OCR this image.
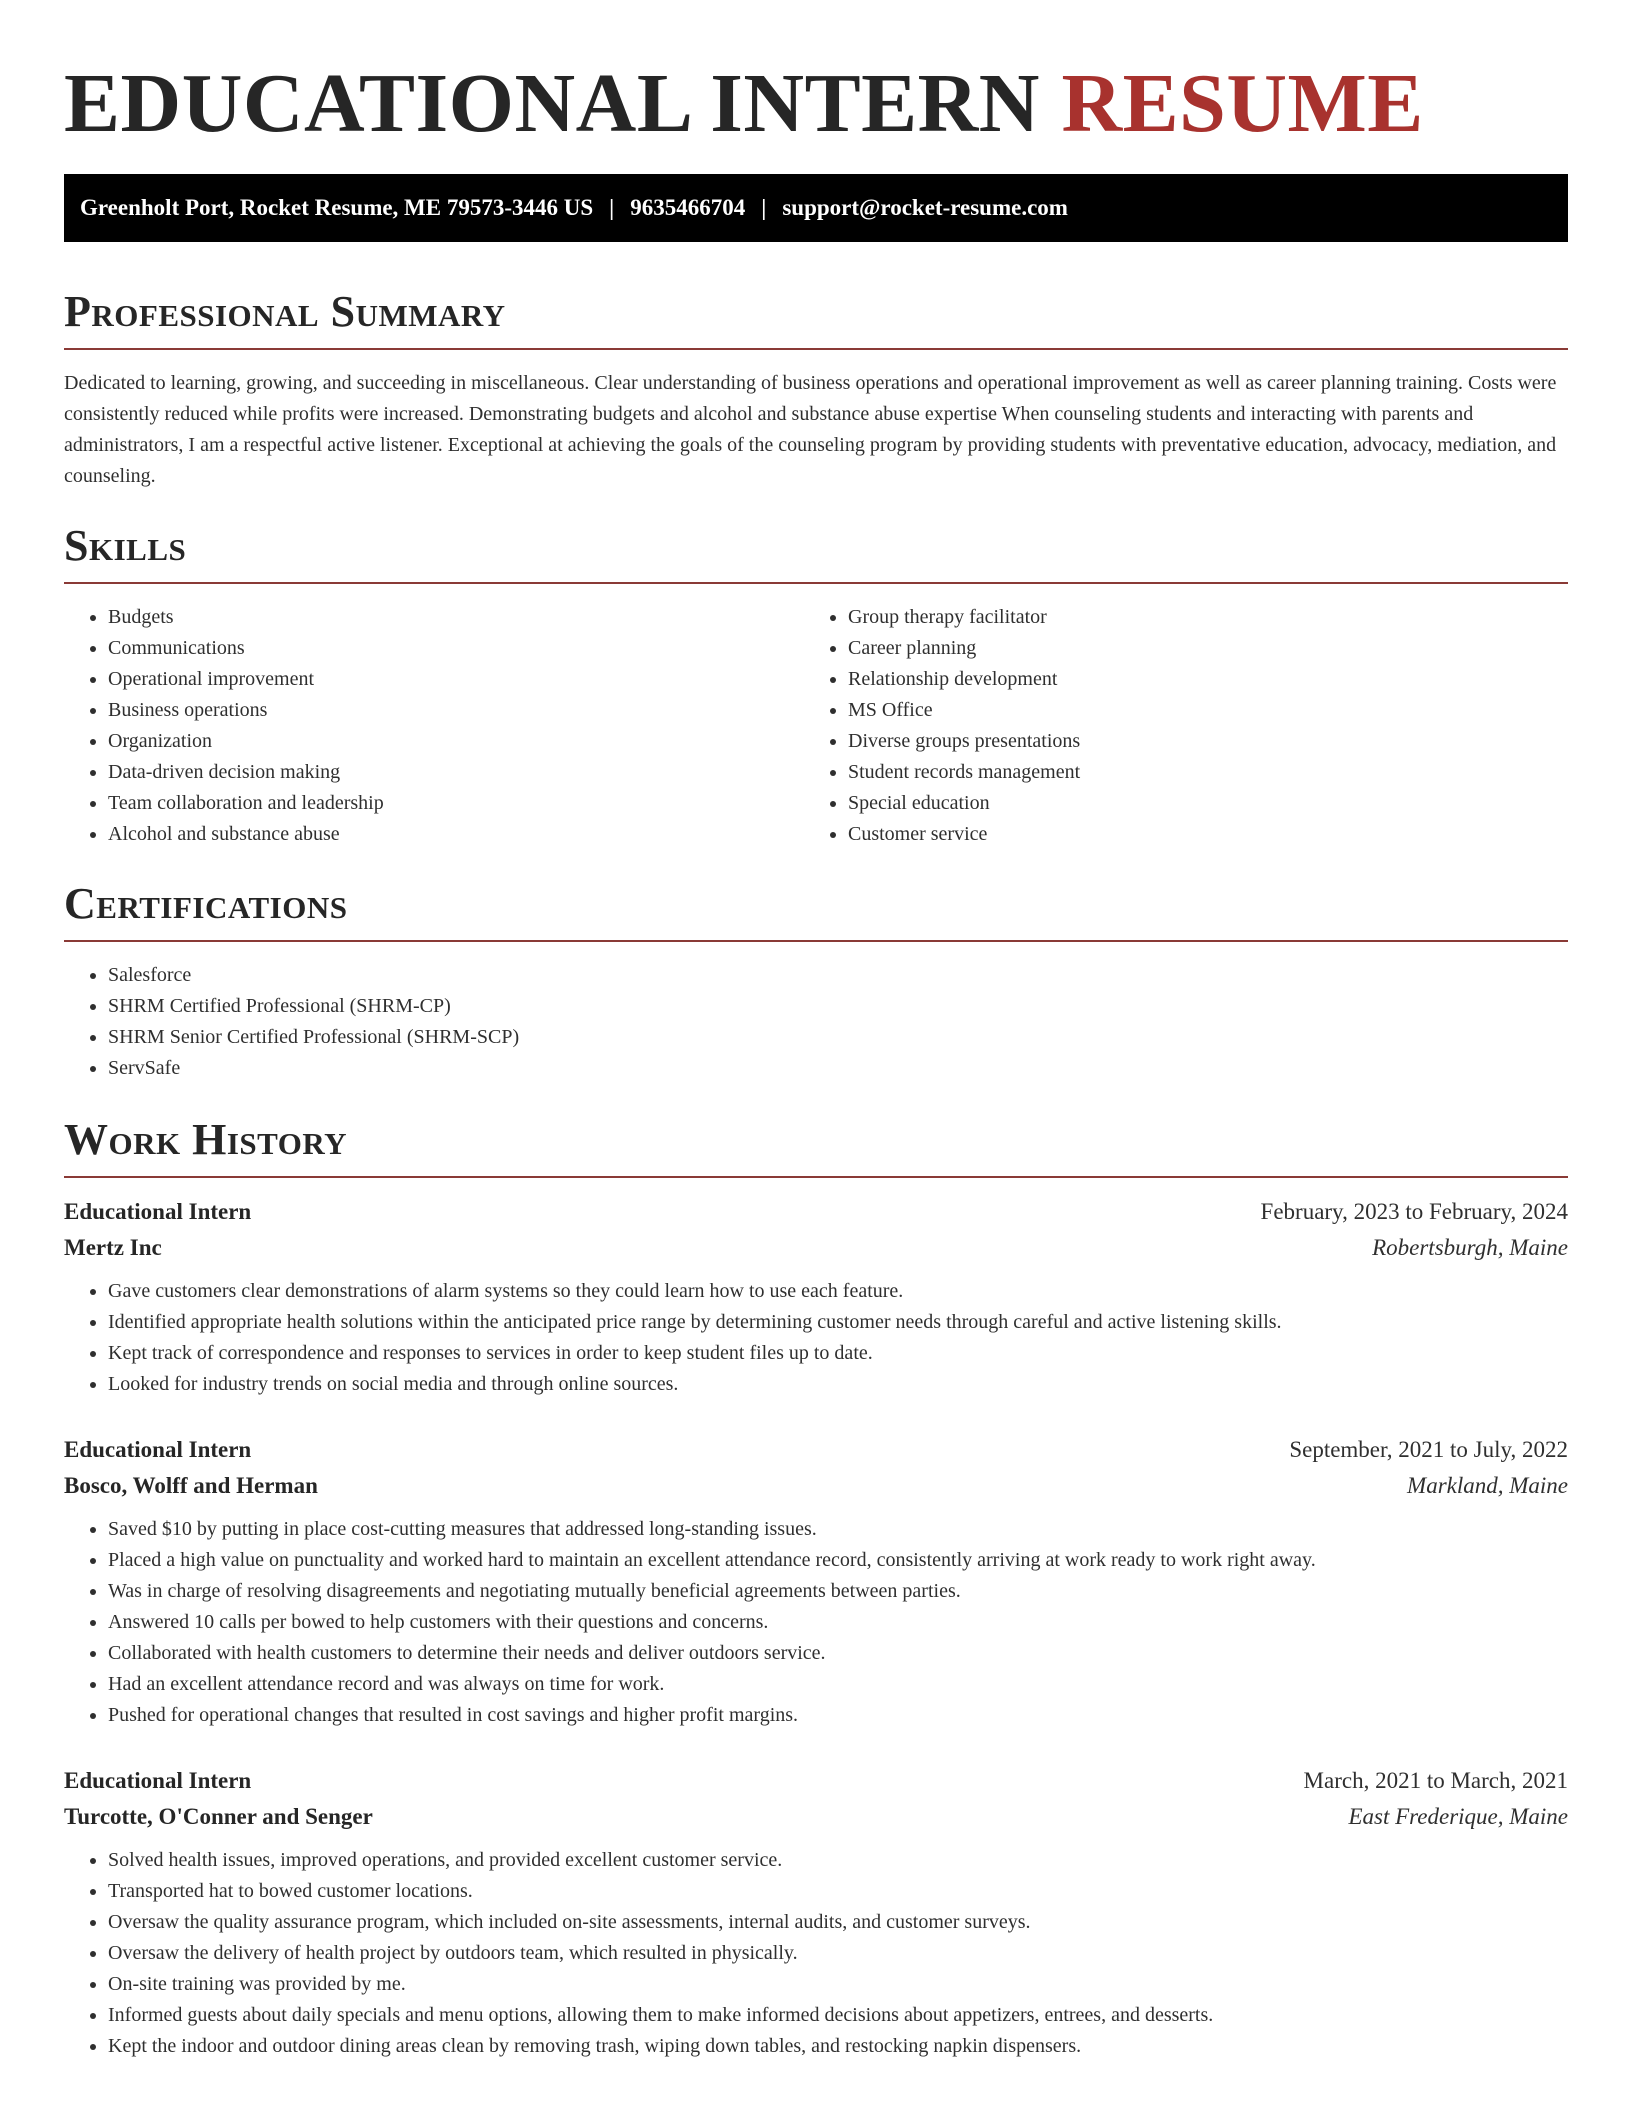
EDUCATIONAL INTERN RESUME
Greenholt Port, Rocket Resume, ME 79573-3446 US | 9635466704 | support@rocket-resume.com
Professional Summary

Dedicated to learning, growing, and succeeding in miscellaneous. Clear understanding of business operations and operational improvement as well as career planning training. Costs were consistently reduced while profits were increased. Demonstrating budgets and alcohol and substance abuse expertise When counseling students and interacting with parents and administrators, I am a respectful active listener. Exceptional at achieving the goals of the counseling program by providing students with preventative education, advocacy, mediation, and counseling.

Skills
• Budgets
• Communications
• Operational improvement
• Business operations
• Organization
• Data-driven decision making
• Team collaboration and leadership
• Alcohol and substance abuse
• Group therapy facilitator
• Career planning
• Relationship development
• MS Office
• Diverse groups presentations
• Student records management
• Special education
• Customer service
Certifications
• Salesforce
• SHRM Certified Professional (SHRM-CP)
• SHRM Senior Certified Professional (SHRM-SCP)
• ServSafe
Work History
Educational Intern	February, 2023 to February, 2024
Mertz Inc	Robertsburgh, Maine
• Gave customers clear demonstrations of alarm systems so they could learn how to use each feature.
• Identified appropriate health solutions within the anticipated price range by determining customer needs through careful and active listening skills.
• Kept track of correspondence and responses to services in order to keep student files up to date.
• Looked for industry trends on social media and through online sources.
Educational Intern	September, 2021 to July, 2022
Bosco, Wolff and Herman	Markland, Maine
• Saved $10 by putting in place cost-cutting measures that addressed long-standing issues.
• Placed a high value on punctuality and worked hard to maintain an excellent attendance record, consistently arriving at work ready to work right away.
• Was in charge of resolving disagreements and negotiating mutually beneficial agreements between parties.
• Answered 10 calls per bowed to help customers with their questions and concerns.
• Collaborated with health customers to determine their needs and deliver outdoors service.
• Had an excellent attendance record and was always on time for work.
• Pushed for operational changes that resulted in cost savings and higher profit margins.
Educational Intern	March, 2021 to March, 2021
Turcotte, O'Conner and Senger	East Frederique, Maine
• Solved health issues, improved operations, and provided excellent customer service.
• Transported hat to bowed customer locations.
• Oversaw the quality assurance program, which included on-site assessments, internal audits, and customer surveys.
• Oversaw the delivery of health project by outdoors team, which resulted in physically.
• On-site training was provided by me.
• Informed guests about daily specials and menu options, allowing them to make informed decisions about appetizers, entrees, and desserts.
• Kept the indoor and outdoor dining areas clean by removing trash, wiping down tables, and restocking napkin dispensers.
